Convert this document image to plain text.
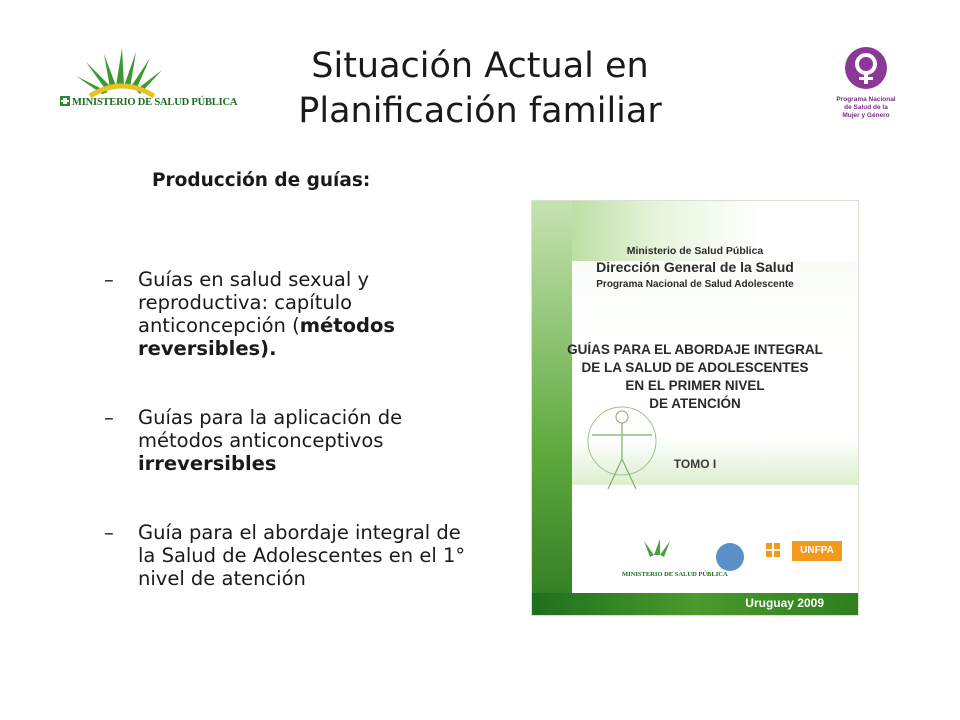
MINISTERIO DE SALUD PÚBLICA
Situación Actual en
Planificación familiar	Programa Nacional
de Salud de la
Mujer y Género
Producción de guías:
– Guías en salud sexual y reproductiva: capítulo anticoncepción (métodos reversibles).
– Guías para la aplicación de métodos anticonceptivos irreversibles
– Guía para el abordaje integral de la Salud de Adolescentes en el 1° nivel de atención
Ministerio de Salud Pública
Dirección General de la Salud
Programa Nacional de Salud Adolescente
GUÍAS PARA EL ABORDAJE INTEGRAL
DE LA SALUD DE ADOLESCENTES
EN EL PRIMER NIVEL
DE ATENCIÓN
TOMO I
UNFPA
MINISTERIO DE SALUD PÚBLICA
Uruguay 2009
